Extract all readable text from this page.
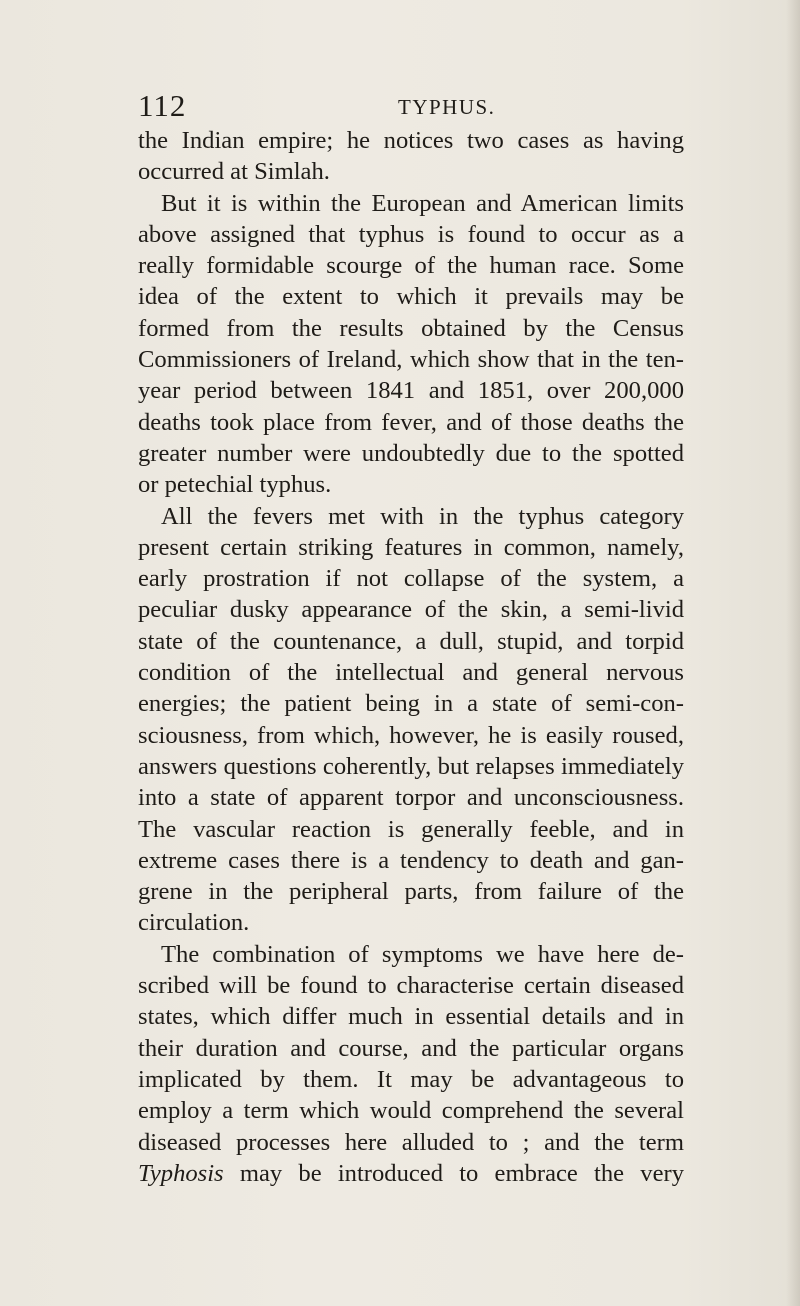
112	TYPHUS.
the Indian empire; he notices two cases as having
occurred at Simlah.
But it is within the European and American limits
above assigned that typhus is found to occur as a
really formidable scourge of the human race. Some
idea of the extent to which it prevails may be
formed from the results obtained by the Census
Commissioners of Ireland, which show that in the ten-
year period between 1841 and 1851, over 200,000
deaths took place from fever, and of those deaths the
greater number were undoubtedly due to the spotted
or petechial typhus.
All the fevers met with in the typhus category
present certain striking features in common, namely,
early prostration if not collapse of the system, a
peculiar dusky appearance of the skin, a semi-livid
state of the countenance, a dull, stupid, and torpid
condition of the intellectual and general nervous
energies; the patient being in a state of semi-con-
sciousness, from which, however, he is easily roused,
answers questions coherently, but relapses immediately
into a state of apparent torpor and unconsciousness.
The vascular reaction is generally feeble, and in
extreme cases there is a tendency to death and gan-
grene in the peripheral parts, from failure of the
circulation.
The combination of symptoms we have here de-
scribed will be found to characterise certain diseased
states, which differ much in essential details and in
their duration and course, and the particular organs
implicated by them. It may be advantageous to
employ a term which would comprehend the several
diseased processes here alluded to ; and the term
Typhosis may be introduced to embrace the very
